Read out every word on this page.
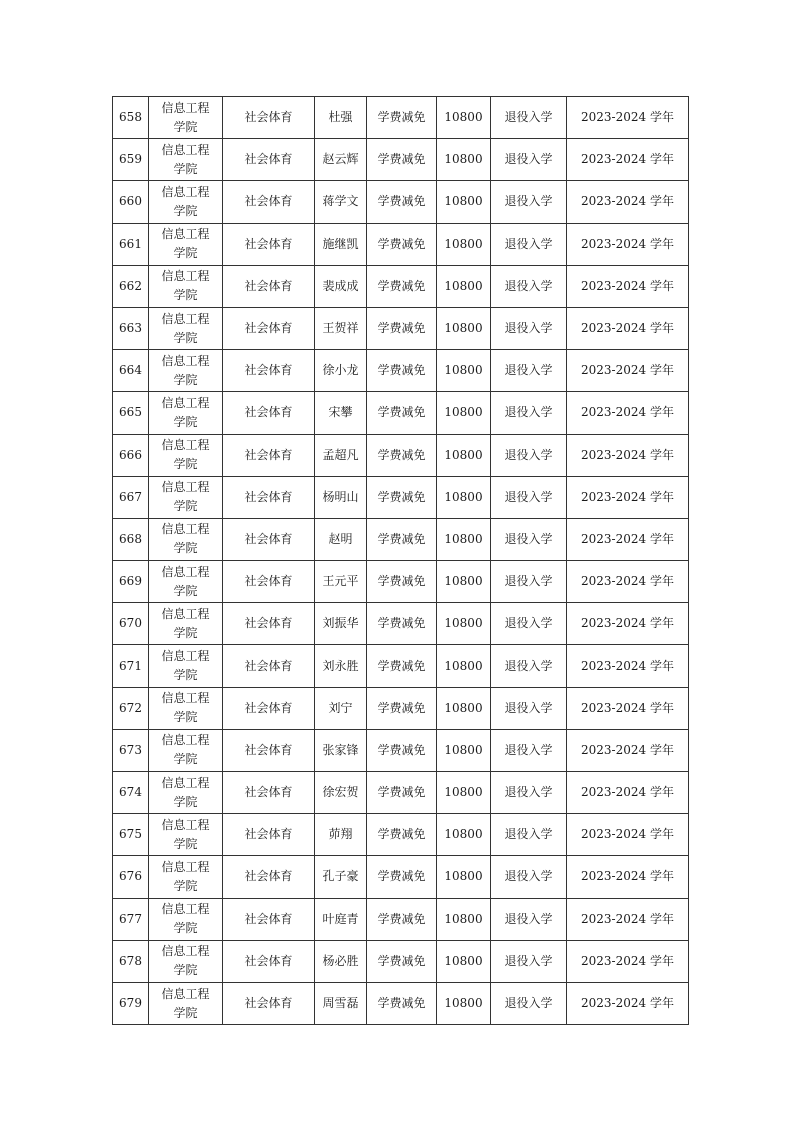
658	信息工程学院	社会体育	杜强	学费减免	10800	退役入学	2023-2024 学年
659	信息工程学院	社会体育	赵云辉	学费减免	10800	退役入学	2023-2024 学年
660	信息工程学院	社会体育	蒋学文	学费减免	10800	退役入学	2023-2024 学年
661	信息工程学院	社会体育	施继凯	学费减免	10800	退役入学	2023-2024 学年
662	信息工程学院	社会体育	裴成成	学费减免	10800	退役入学	2023-2024 学年
663	信息工程学院	社会体育	王贺祥	学费减免	10800	退役入学	2023-2024 学年
664	信息工程学院	社会体育	徐小龙	学费减免	10800	退役入学	2023-2024 学年
665	信息工程学院	社会体育	宋攀	学费减免	10800	退役入学	2023-2024 学年
666	信息工程学院	社会体育	孟超凡	学费减免	10800	退役入学	2023-2024 学年
667	信息工程学院	社会体育	杨明山	学费减免	10800	退役入学	2023-2024 学年
668	信息工程学院	社会体育	赵明	学费减免	10800	退役入学	2023-2024 学年
669	信息工程学院	社会体育	王元平	学费减免	10800	退役入学	2023-2024 学年
670	信息工程学院	社会体育	刘振华	学费减免	10800	退役入学	2023-2024 学年
671	信息工程学院	社会体育	刘永胜	学费减免	10800	退役入学	2023-2024 学年
672	信息工程学院	社会体育	刘宁	学费减免	10800	退役入学	2023-2024 学年
673	信息工程学院	社会体育	张家锋	学费减免	10800	退役入学	2023-2024 学年
674	信息工程学院	社会体育	徐宏贺	学费减免	10800	退役入学	2023-2024 学年
675	信息工程学院	社会体育	茆翔	学费减免	10800	退役入学	2023-2024 学年
676	信息工程学院	社会体育	孔子豪	学费减免	10800	退役入学	2023-2024 学年
677	信息工程学院	社会体育	叶庭青	学费减免	10800	退役入学	2023-2024 学年
678	信息工程学院	社会体育	杨必胜	学费减免	10800	退役入学	2023-2024 学年
679	信息工程学院	社会体育	周雪磊	学费减免	10800	退役入学	2023-2024 学年
